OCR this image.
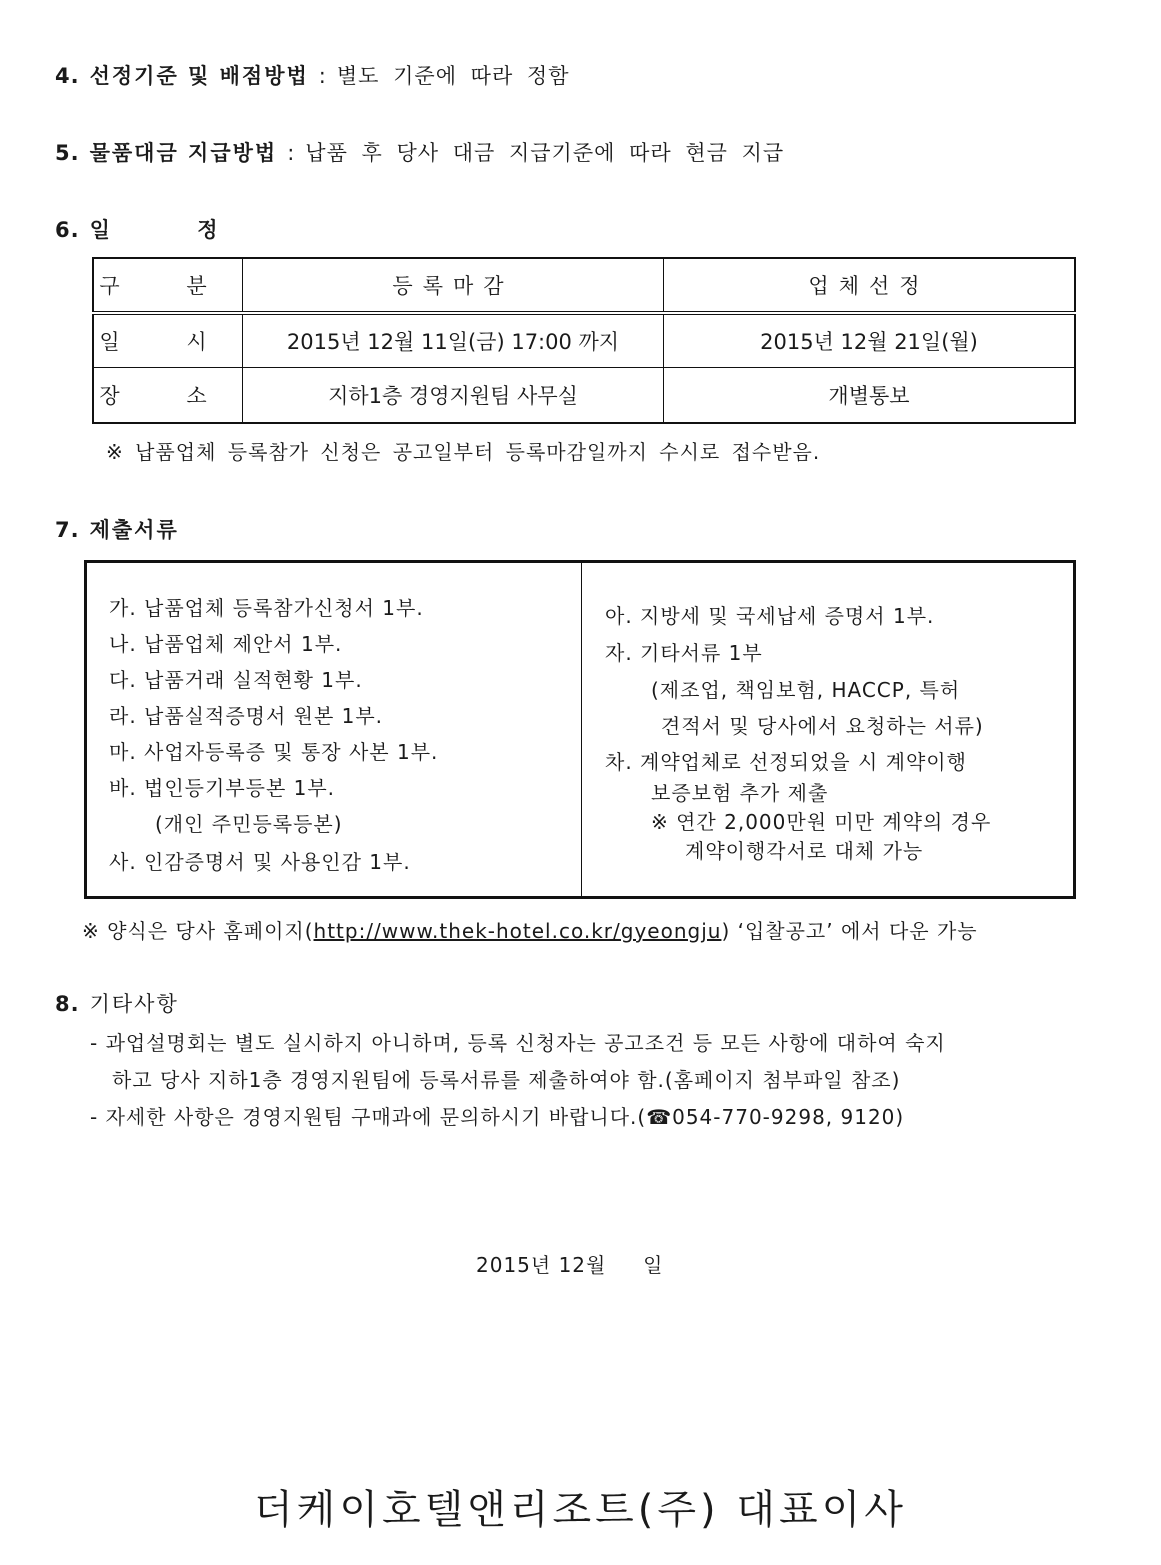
4. 선정기준 및 배점방법 : 별도 기준에 따라 정함
5. 물품대금 지급방법 : 납품 후 당사 대금 지급기준에 따라 현금 지급
6. 일 정
구 분	등록마감	업체선정
일 시	2015년 12월 11일(금) 17:00 까지	2015년 12월 21일(월)
장 소	지하1층 경영지원팀 사무실	개별통보
※ 납품업체 등록참가 신청은 공고일부터 등록마감일까지 수시로 접수받음.
7. 제출서류
가. 납품업체 등록참가신청서 1부.
나. 납품업체 제안서 1부.
다. 납품거래 실적현황 1부.
라. 납품실적증명서 원본 1부.
마. 사업자등록증 및 통장 사본 1부.
바. 법인등기부등본 1부.
(개인 주민등록등본)
사. 인감증명서 및 사용인감 1부.
아. 지방세 및 국세납세 증명서 1부.
자. 기타서류 1부
(제조업, 책임보험, HACCP, 특허
견적서 및 당사에서 요청하는 서류)
차. 계약업체로 선정되었을 시 계약이행
보증보험 추가 제출
※ 연간 2,000만원 미만 계약의 경우
계약이행각서로 대체 가능
※ 양식은 당사 홈페이지(http://www.thek-hotel.co.kr/gyeongju) ‘입찰공고’ 에서 다운 가능
8. 기타사항
- 과업설명회는 별도 실시하지 아니하며, 등록 신청자는 공고조건 등 모든 사항에 대하여 숙지
하고 당사 지하1층 경영지원팀에 등록서류를 제출하여야 함.(홈페이지 첨부파일 참조)
- 자세한 사항은 경영지원팀 구매과에 문의하시기 바랍니다.(☎054-770-9298, 9120)
2015년 12월     일
더케이호텔앤리조트(주) 대표이사
